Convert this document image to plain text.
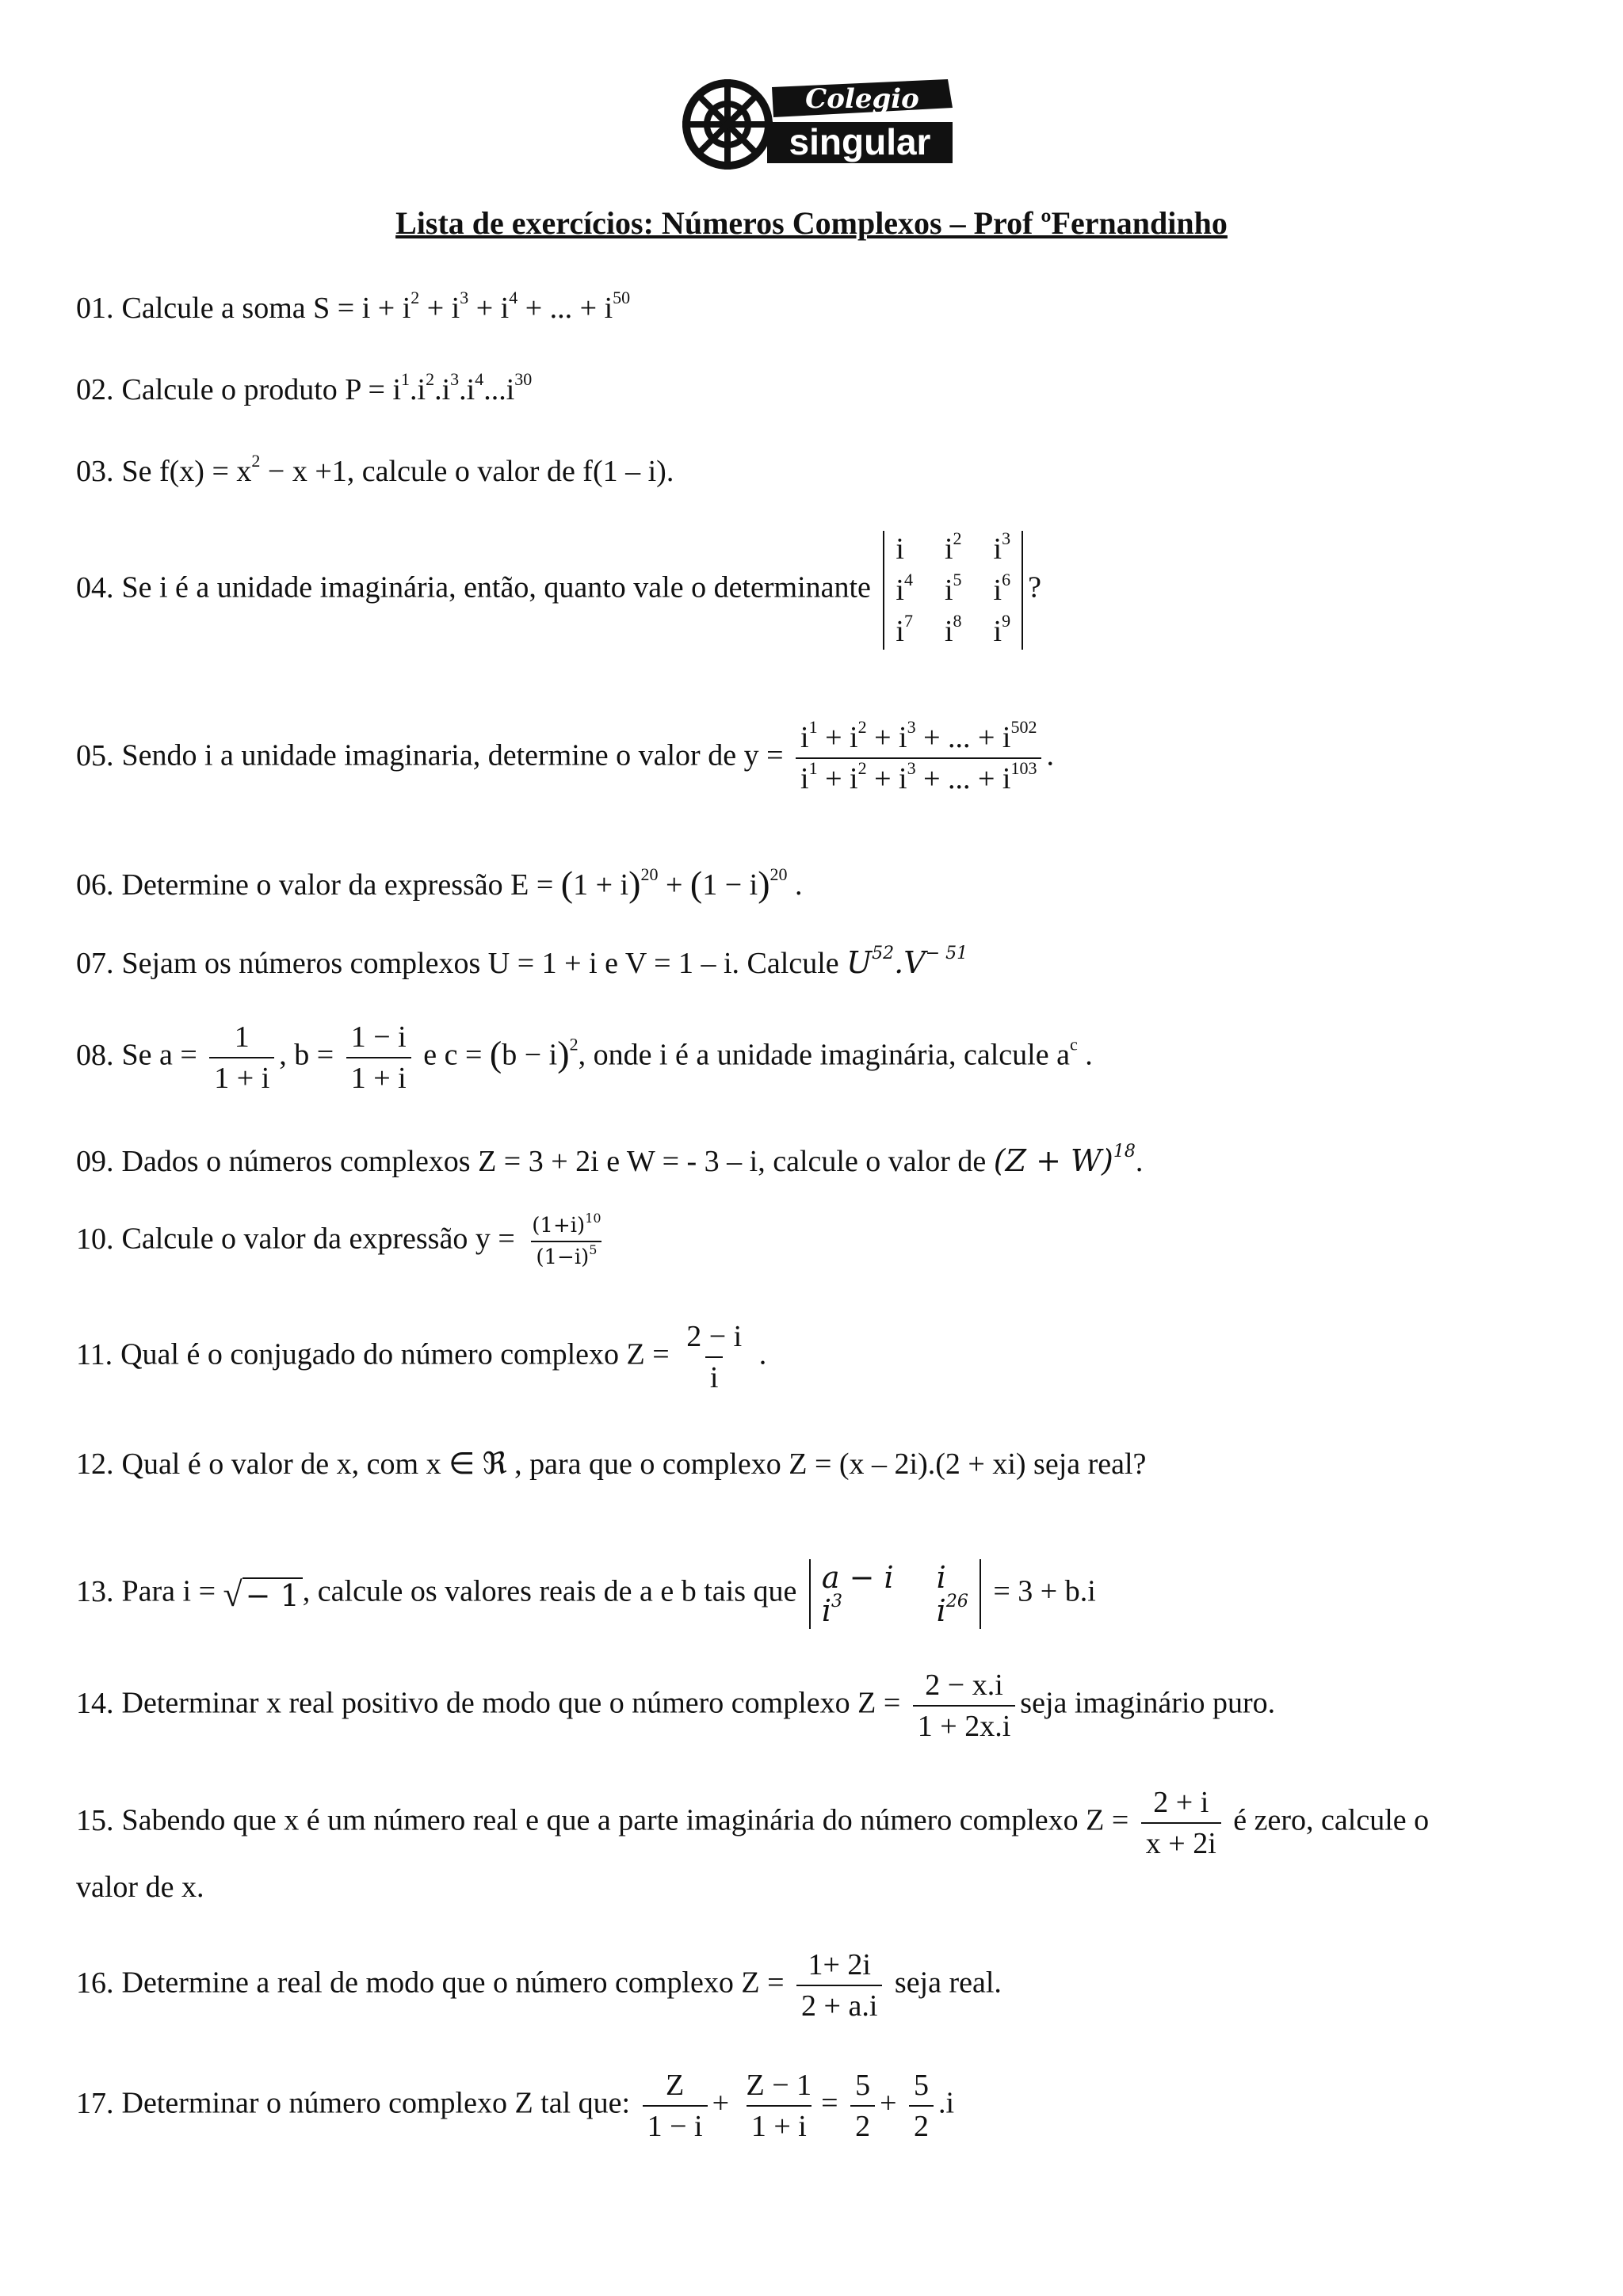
Colegio
singular
Lista de exercícios: Números Complexos – Prof ºFernandinho
01. Calcule a soma $S = i + i^2 + i^3 + i^4$ + ... + $i^{50}$
02. Calcule o produto $P = i^1.i^2.i^3.i^4...i^{30}$
03. Se $f(x) = x^2 - x +1$, calcule o valor de f(1 – i).
04. Se i é a unidade imaginária, então, quanto vale o determinante
i $i^2$ $i^3$
$i^4$ $i^5$ $i^6$
$i^7$ $i^8$ $i^9$
?
05. Sendo i a unidade imaginaria, determine o valor de $y = \frac{i^1 + i^2 + i^3 + ... + i^{502}}{i^1 + i^2 + i^3 + ... + i^{103}}$ .
06. Determine o valor da expressão $E = (1 + i)^{20} + (1 - i)^{20}$ .
07. Sejam os números complexos U = 1 + i e V = 1 – i. Calcule $U^{52}.V^{- 51}$
08. Se $a = \frac{1}{1 + i}$ , $b = \frac{1 - i}{1 + i}$ e $c = (b - i)^2$, onde i é a unidade imaginária, calcule $a^c$ .
09. Dados o números complexos Z = 3 + 2i e W = - 3 – i, calcule o valor de $(Z + W)^{18}$.
10. Calcule o valor da expressão $y = \frac{(1+i)^{10}}{(1-i)^5}$
11. Qual é o conjugado do número complexo $Z = \frac{2 - i}{i}$ .
12. Qual é o valor de x, com x ∈ ℜ , para que o complexo Z = (x – 2i).(2 + xi) seja real?
13. Para i = √ − 1 , calcule os valores reais de a e b tais que a − i i
$i^3$	$i^{26} = 3 + b.i$
14. Determinar x real positivo de modo que o número complexo $Z = \frac{2 - x.i}{1 + 2x.i}$ seja imaginário puro.
15. Sabendo que x é um número real e que a parte imaginária do número complexo $Z = \frac{2 + i}{x + 2i}$ é zero, calcule o
valor de x.
16. Determine a real de modo que o número complexo $Z = \frac{1+ 2i}{2 + a.i}$ seja real.
17. Determinar o número complexo Z tal que: $\frac{Z}{1 - i} + \frac{Z - 1}{1 + i} = \frac{5}{2} + \frac{5}{2} .i$
